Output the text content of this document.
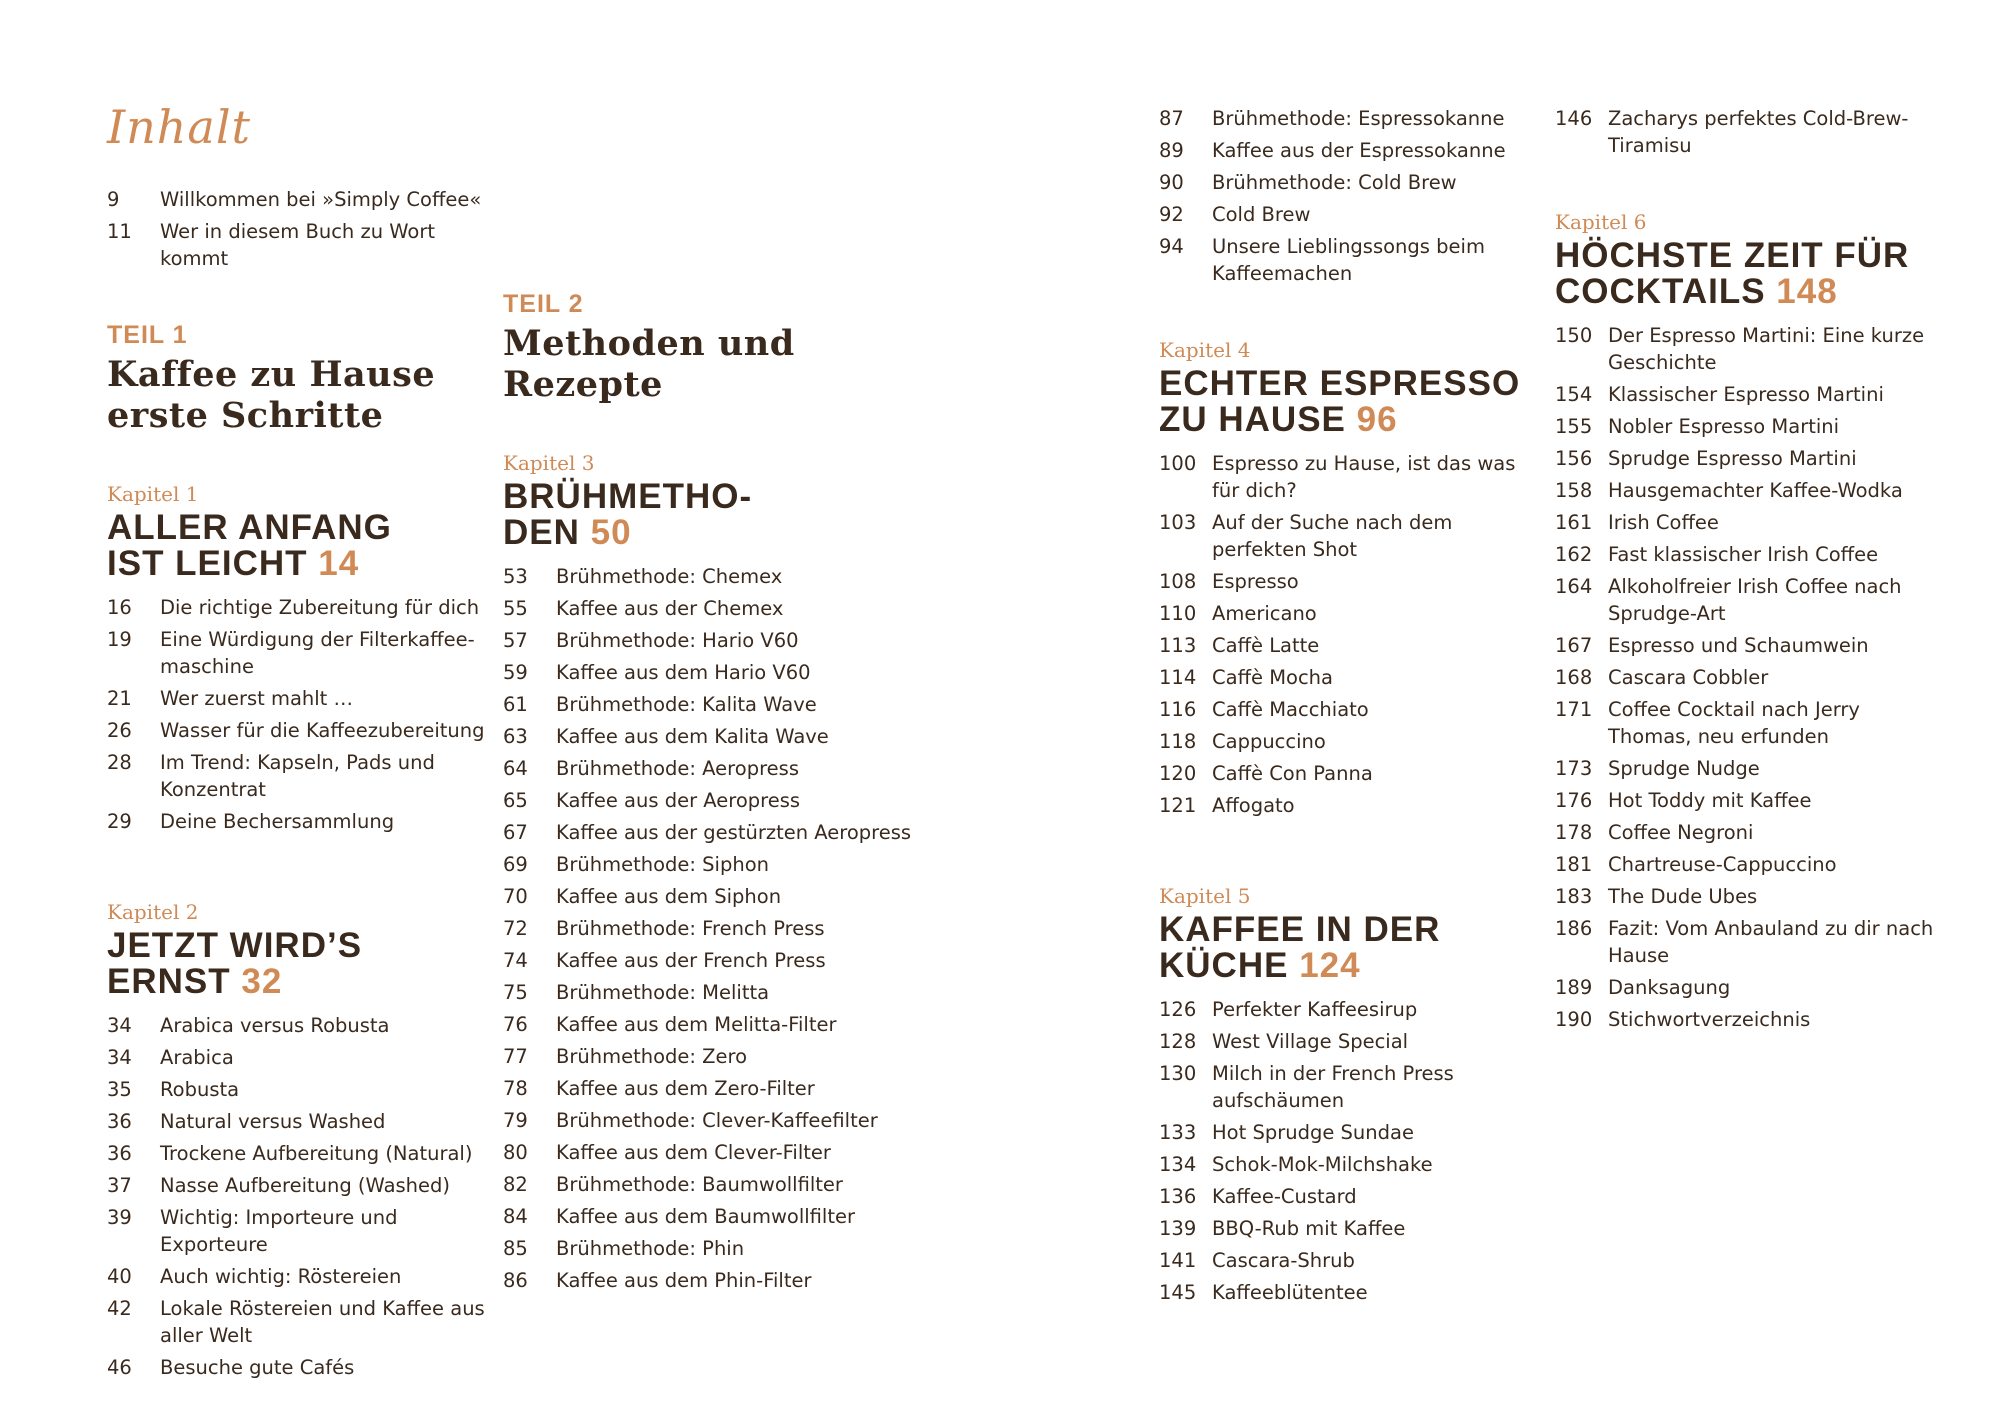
Inhalt
9	Willkommen bei »Simply Coffee«
11	Wer in diesem Buch zu Wort kommt
TEIL 1
Kaffee zu Hause
erste Schritte
Kapitel 1
ALLER ANFANG
IST LEICHT 14
16	Die richtige Zubereitung für dich
19	Eine Würdigung der Filterkaffeemaschine
21	Wer zuerst mahlt …
26	Wasser für die Kaffeezubereitung
28	Im Trend: Kapseln, Pads und Konzentrat
29	Deine Bechersammlung
Kapitel 2
JETZT WIRD’S
ERNST 32
34	Arabica versus Robusta
34	Arabica
35	Robusta
36	Natural versus Washed
36	Trockene Aufbereitung (Natural)
37	Nasse Aufbereitung (Washed)
39	Wichtig: Importeure und Exporteure
40	Auch wichtig: Röstereien
42	Lokale Röstereien und Kaffee aus aller Welt
46	Besuche gute Cafés
TEIL 2
Methoden und
Rezepte
Kapitel 3
BRÜHMETHO-
DEN 50
53	Brühmethode: Chemex
55	Kaffee aus der Chemex
57	Brühmethode: Hario V60
59	Kaffee aus dem Hario V60
61	Brühmethode: Kalita Wave
63	Kaffee aus dem Kalita Wave
64	Brühmethode: Aeropress
65	Kaffee aus der Aeropress
67	Kaffee aus der gestürzten Aeropress
69	Brühmethode: Siphon
70	Kaffee aus dem Siphon
72	Brühmethode: French Press
74	Kaffee aus der French Press
75	Brühmethode: Melitta
76	Kaffee aus dem Melitta-Filter
77	Brühmethode: Zero
78	Kaffee aus dem Zero-Filter
79	Brühmethode: Clever-Kaffeefilter
80	Kaffee aus dem Clever-Filter
82	Brühmethode: Baumwollfilter
84	Kaffee aus dem Baumwollfilter
85	Brühmethode: Phin
86	Kaffee aus dem Phin-Filter
87	Brühmethode: Espressokanne
89	Kaffee aus der Espressokanne
90	Brühmethode: Cold Brew
92	Cold Brew
94	Unsere Lieblingssongs beim Kaffeemachen
Kapitel 4
ECHTER ESPRESSO
ZU HAUSE 96
100 Espresso zu Hause, ist das was für dich?
103 Auf der Suche nach dem perfekten Shot
108 Espresso
110 Americano
113 Caffè Latte
114 Caffè Mocha
116 Caffè Macchiato
118 Cappuccino
120 Caffè Con Panna
121 Affogato
Kapitel 5
KAFFEE IN DER
KÜCHE 124
126 Perfekter Kaffeesirup
128 West Village Special
130 Milch in der French Press aufschäumen
133 Hot Sprudge Sundae
134 Schok-Mok-Milchshake
136 Kaffee-Custard
139 BBQ-Rub mit Kaffee
141 Cascara-Shrub
145 Kaffeeblütentee
146 Zacharys perfektes Cold-Brew-Tiramisu
Kapitel 6
HÖCHSTE ZEIT FÜR
COCKTAILS 148
150 Der Espresso Martini: Eine kurze Geschichte
154 Klassischer Espresso Martini
155 Nobler Espresso Martini
156 Sprudge Espresso Martini
158 Hausgemachter Kaffee-Wodka
161 Irish Coffee
162 Fast klassischer Irish Coffee
164 Alkoholfreier Irish Coffee nach Sprudge-Art
167 Espresso und Schaumwein
168 Cascara Cobbler
171 Coffee Cocktail nach Jerry Thomas, neu erfunden
173 Sprudge Nudge
176 Hot Toddy mit Kaffee
178 Coffee Negroni
181 Chartreuse-Cappuccino
183 The Dude Ubes
186 Fazit: Vom Anbauland zu dir nach Hause
189 Danksagung
190 Stichwortverzeichnis
